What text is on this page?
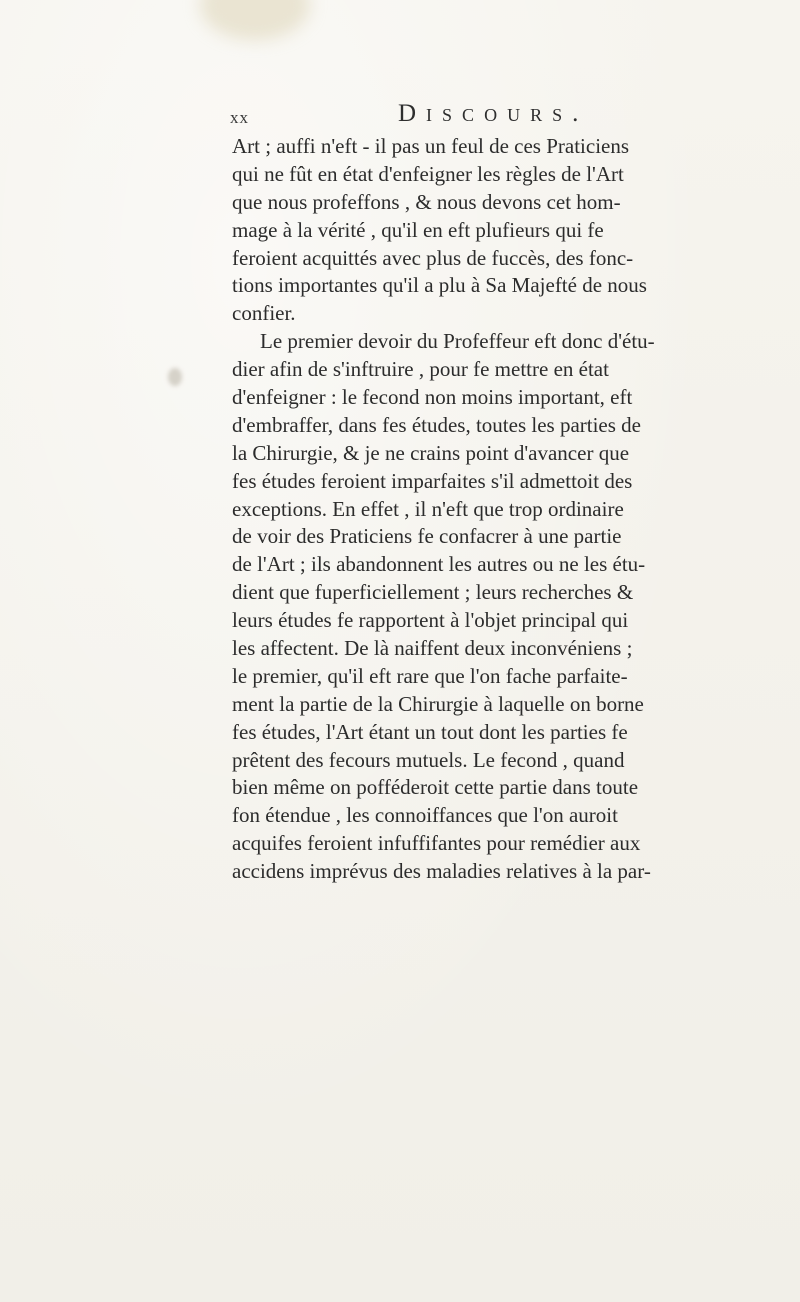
xx	Discours.
Art ; auffi n'eft - il pas un feul de ces Praticiens
qui ne fût en état d'enfeigner les règles de l'Art
que nous profeffons , & nous devons cet hom-
mage à la vérité , qu'il en eft plufieurs qui fe
feroient acquittés avec plus de fuccès, des fonc-
tions importantes qu'il a plu à Sa Majefté de nous
confier.
Le premier devoir du Profeffeur eft donc d'étu-
dier afin de s'inftruire , pour fe mettre en état
d'enfeigner : le fecond non moins important, eft
d'embraffer, dans fes études, toutes les parties de
la Chirurgie, & je ne crains point d'avancer que
fes études feroient imparfaites s'il admettoit des
exceptions. En effet , il n'eft que trop ordinaire
de voir des Praticiens fe confacrer à une partie
de l'Art ; ils abandonnent les autres ou ne les étu-
dient que fuperficiellement ; leurs recherches &
leurs études fe rapportent à l'objet principal qui
les affectent. De là naiffent deux inconvéniens ;
le premier, qu'il eft rare que l'on fache parfaite-
ment la partie de la Chirurgie à laquelle on borne
fes études, l'Art étant un tout dont les parties fe
prêtent des fecours mutuels. Le fecond , quand
bien même on pofféderoit cette partie dans toute
fon étendue , les connoiffances que l'on auroit
acquifes feroient infuffifantes pour remédier aux
accidens imprévus des maladies relatives à la par-
